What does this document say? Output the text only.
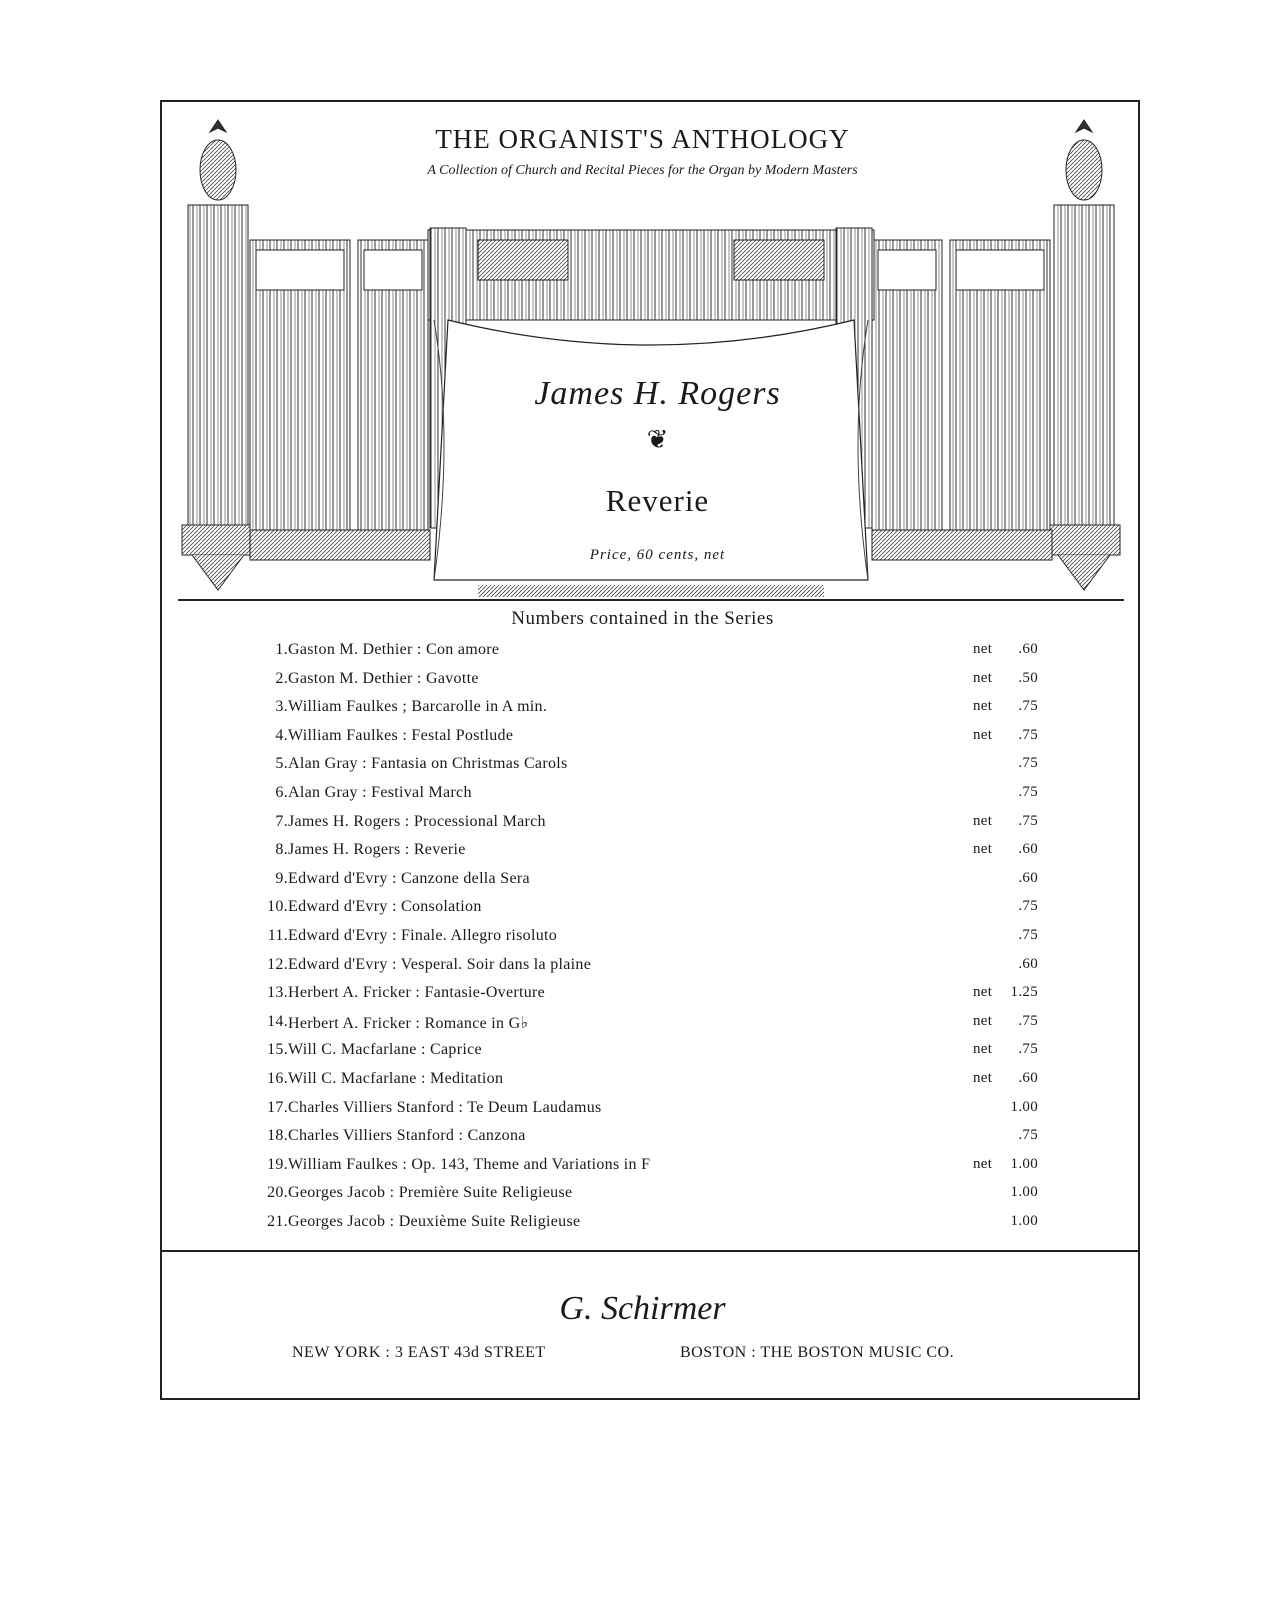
THE ORGANIST'S ANTHOLOGY
A Collection of Church and Recital Pieces for the Organ by Modern Masters
James H. Rogers
❦
Reverie
Price, 60 cents, net
Numbers contained in the Series
1. Gaston M. Dethier : Con amore	net .60
2. Gaston M. Dethier : Gavotte	net .50
3. William Faulkes ; Barcarolle in A min.	net .75
4. William Faulkes : Festal Postlude	net .75
5. Alan Gray : Fantasia on Christmas Carols	.75
6. Alan Gray : Festival March	.75
7. James H. Rogers : Processional March	net .75
8. James H. Rogers : Reverie	net .60
9. Edward d'Evry : Canzone della Sera	.60
10. Edward d'Evry : Consolation	.75
11. Edward d'Evry : Finale. Allegro risoluto	.75
12. Edward d'Evry : Vesperal. Soir dans la plaine	.60
13. Herbert A. Fricker : Fantasie-Overture	net 1.25
14. Herbert A. Fricker : Romance in G♭	net .75
15. Will C. Macfarlane : Caprice	net .75
16. Will C. Macfarlane : Meditation	net .60
17. Charles Villiers Stanford : Te Deum Laudamus	1.00
18. Charles Villiers Stanford : Canzona	.75
19. William Faulkes : Op. 143, Theme and Variations in F	net 1.00
20. Georges Jacob : Première Suite Religieuse	1.00
21. Georges Jacob : Deuxième Suite Religieuse	1.00
G. Schirmer
NEW YORK : 3 EAST 43d STREET	BOSTON : THE BOSTON MUSIC CO.
